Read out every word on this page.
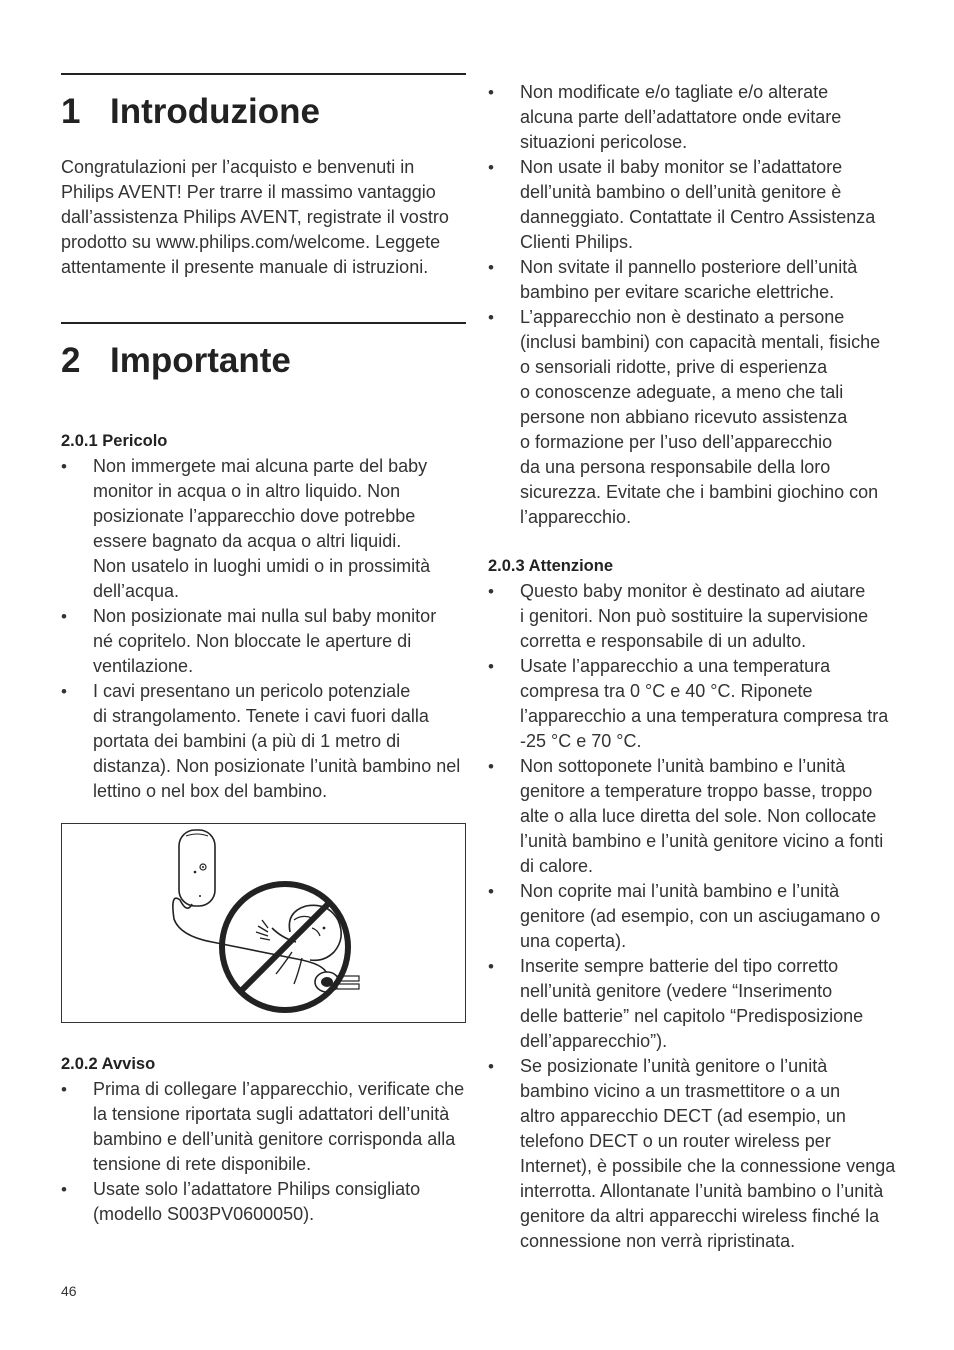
1 Introduzione

Congratulazioni per l’acquisto e benvenuti in
Philips AVENT! Per trarre il massimo vantaggio
dall’assistenza Philips AVENT, registrate il vostro
prodotto su www.philips.com/welcome. Leggete
attentamente il presente manuale di istruzioni.

2 Importante
2.0.1 Pericolo
• Non immergete mai alcuna parte del baby
monitor in acqua o in altro liquido. Non
posizionate l’apparecchio dove potrebbe
essere bagnato da acqua o altri liquidi.
Non usatelo in luoghi umidi o in prossimità
dell’acqua.
• Non posizionate mai nulla sul baby monitor
né copritelo. Non bloccate le aperture di
ventilazione.
• I cavi presentano un pericolo potenziale
di strangolamento. Tenete i cavi fuori dalla
portata dei bambini (a più di 1 metro di
distanza). Non posizionate l’unità bambino nel
lettino o nel box del bambino.
2.0.2 Avviso
• Prima di collegare l’apparecchio, verificate che
la tensione riportata sugli adattatori dell’unità
bambino e dell’unità genitore corrisponda alla
tensione di rete disponibile.
• Usate solo l’adattatore Philips consigliato
(modello S003PV0600050).
• Non modificate e/o tagliate e/o alterate
alcuna parte dell’adattatore onde evitare
situazioni pericolose.
• Non usate il baby monitor se l’adattatore
dell’unità bambino o dell’unità genitore è
danneggiato. Contattate il Centro Assistenza
Clienti Philips.
• Non svitate il pannello posteriore dell’unità
bambino per evitare scariche elettriche.
• L’apparecchio non è destinato a persone
(inclusi bambini) con capacità mentali, fisiche
o sensoriali ridotte, prive di esperienza
o conoscenze adeguate, a meno che tali
persone non abbiano ricevuto assistenza
o formazione per l’uso dell’apparecchio
da una persona responsabile della loro
sicurezza. Evitate che i bambini giochino con
l’apparecchio.
2.0.3 Attenzione
• Questo baby monitor è destinato ad aiutare
i genitori. Non può sostituire la supervisione
corretta e responsabile di un adulto.
• Usate l’apparecchio a una temperatura
compresa tra 0 °C e 40 °C. Riponete
l’apparecchio a una temperatura compresa tra
-25 °C e 70 °C.
• Non sottoponete l’unità bambino e l’unità
genitore a temperature troppo basse, troppo
alte o alla luce diretta del sole. Non collocate
l’unità bambino e l’unità genitore vicino a fonti
di calore.
• Non coprite mai l’unità bambino e l’unità
genitore (ad esempio, con un asciugamano o
una coperta).
• Inserite sempre batterie del tipo corretto
nell’unità genitore (vedere “Inserimento
delle batterie” nel capitolo “Predisposizione
dell’apparecchio”).
• Se posizionate l’unità genitore o l’unità
bambino vicino a un trasmettitore o a un
altro apparecchio DECT (ad esempio, un
telefono DECT o un router wireless per
Internet), è possibile che la connessione venga
interrotta. Allontanate l’unità bambino o l’unità
genitore da altri apparecchi wireless finché la
connessione non verrà ripristinata.
46
